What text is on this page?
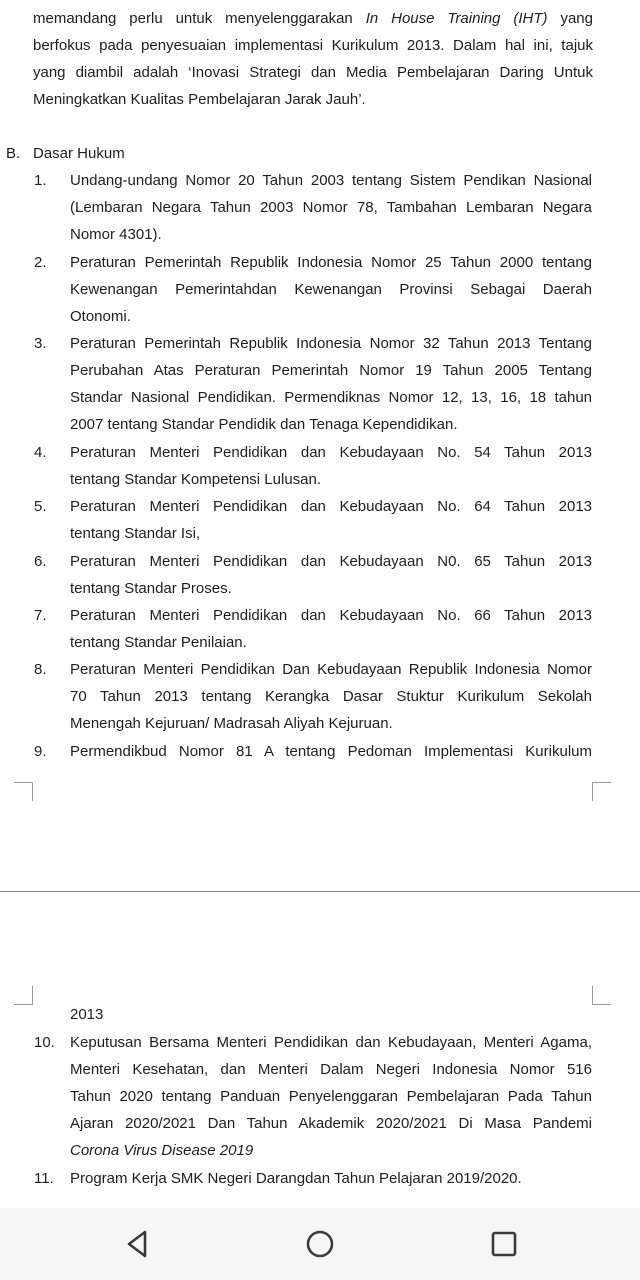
memandang perlu untuk menyelenggarakan In House Training (IHT) yang
berfokus pada penyesuaian implementasi Kurikulum 2013. Dalam hal ini, tajuk
yang diambil adalah ‘Inovasi Strategi dan Media Pembelajaran Daring Untuk
Meningkatkan Kualitas Pembelajaran Jarak Jauh’.
B. Dasar Hukum
1. Undang-undang Nomor 20 Tahun 2003 tentang Sistem Pendikan Nasional
(Lembaran Negara Tahun 2003 Nomor 78, Tambahan Lembaran Negara
Nomor 4301).
2. Peraturan Pemerintah Republik Indonesia Nomor 25 Tahun 2000 tentang
Kewenangan Pemerintahdan Kewenangan Provinsi Sebagai Daerah
Otonomi.
3. Peraturan Pemerintah Republik Indonesia Nomor 32 Tahun 2013 Tentang
Perubahan Atas Peraturan Pemerintah Nomor 19 Tahun 2005 Tentang
Standar Nasional Pendidikan. Permendiknas Nomor 12, 13, 16, 18 tahun
2007 tentang Standar Pendidik dan Tenaga Kependidikan.
4. Peraturan Menteri Pendidikan dan Kebudayaan No. 54 Tahun 2013
tentang Standar Kompetensi Lulusan.
5. Peraturan Menteri Pendidikan dan Kebudayaan No. 64 Tahun 2013
tentang Standar Isi,
6. Peraturan Menteri Pendidikan dan Kebudayaan N0. 65 Tahun 2013
tentang Standar Proses.
7. Peraturan Menteri Pendidikan dan Kebudayaan No. 66 Tahun 2013
tentang Standar Penilaian.
8. Peraturan Menteri Pendidikan Dan Kebudayaan Republik Indonesia Nomor
70 Tahun 2013 tentang Kerangka Dasar Stuktur Kurikulum Sekolah
Menengah Kejuruan/ Madrasah Aliyah Kejuruan.
9. Permendikbud Nomor 81 A tentang Pedoman Implementasi Kurikulum
2013
10. Keputusan Bersama Menteri Pendidikan dan Kebudayaan, Menteri Agama,
Menteri Kesehatan, dan Menteri Dalam Negeri Indonesia Nomor 516
Tahun 2020 tentang Panduan Penyelenggaran Pembelajaran Pada Tahun
Ajaran 2020/2021 Dan Tahun Akademik 2020/2021 Di Masa Pandemi
Corona Virus Disease 2019
11. Program Kerja SMK Negeri Darangdan Tahun Pelajaran 2019/2020.
